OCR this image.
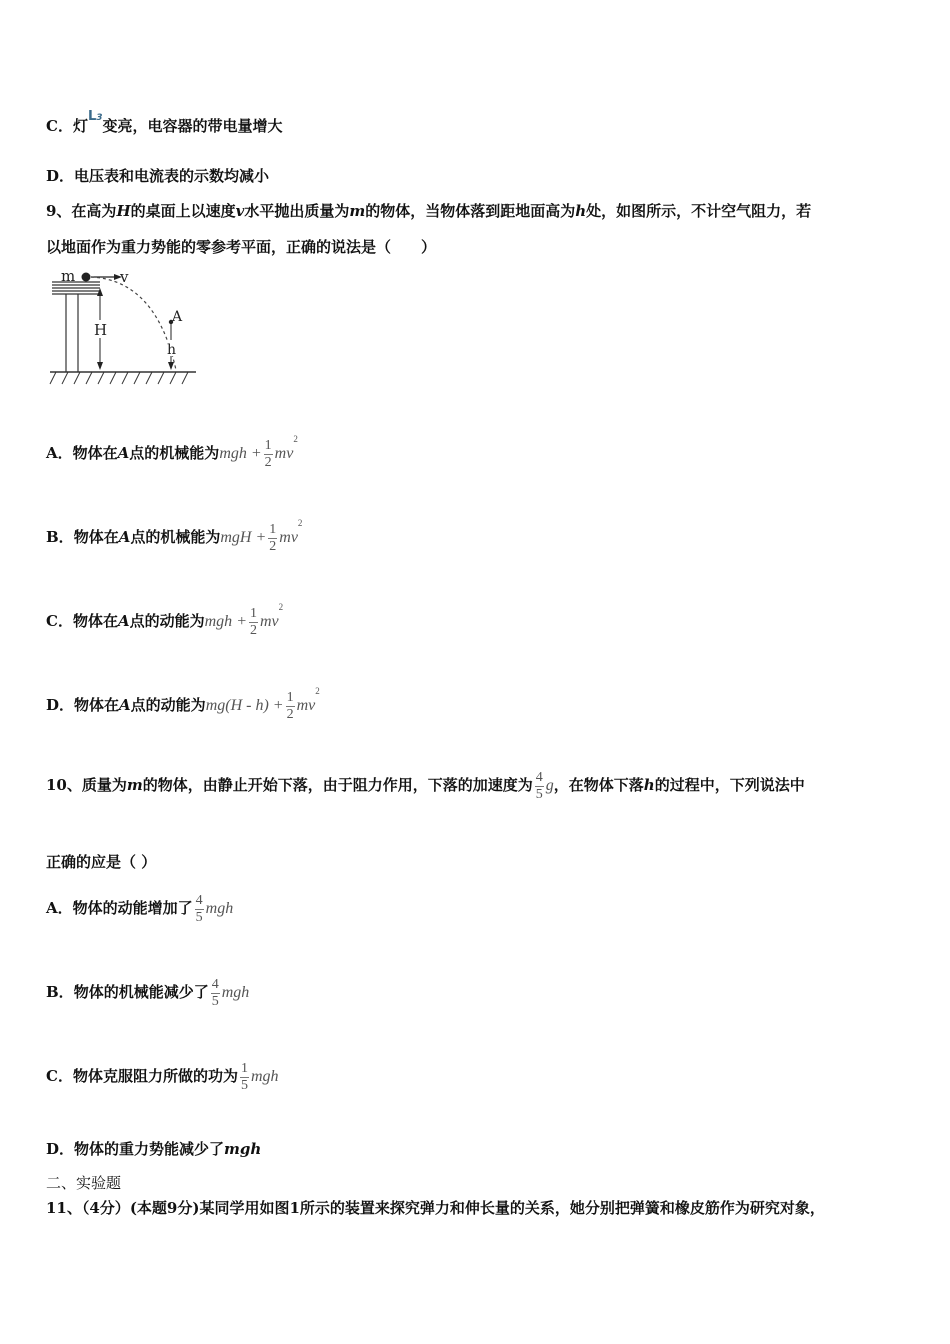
C．灯L3变亮，电容器的带电量增大
D．电压表和电流表的示数均减小
9、在高为H的桌面上以速度v水平抛出质量为m的物体，当物体落到距地面高为h处，如图所示，不计空气阻力，若
以地面作为重力势能的零参考平面，正确的说法是（　　）
m	v
A
H
h
A．物体在A点的机械能为mgh + $\frac{1}{2} mv^2$
B．物体在A点的机械能为mgH + $\frac{1}{2} mv^2$
C．物体在A点的动能为mgh + $\frac{1}{2} mv^2$
D．物体在A点的动能为$mg(H - h) + \frac{1}{2} mv^2$
10、质量为m的物体，由静止开始下落，由于阻力作用，下落的加速度为 $\frac{4}{5}$ g，在物体下落h的过程中，下列说法中
正确的应是（ ）
A．物体的动能增加了 $\frac{4}{5}$ mgh
B．物体的机械能减少了 $\frac{4}{5}$ mgh
C．物体克服阻力所做的功为 $\frac{1}{5}$ mgh
D．物体的重力势能减少了mgh
二、实验题
11、（4分）(本题9分)某同学用如图1所示的装置来探究弹力和伸长量的关系，她分别把弹簧和橡皮筋作为研究对象，
